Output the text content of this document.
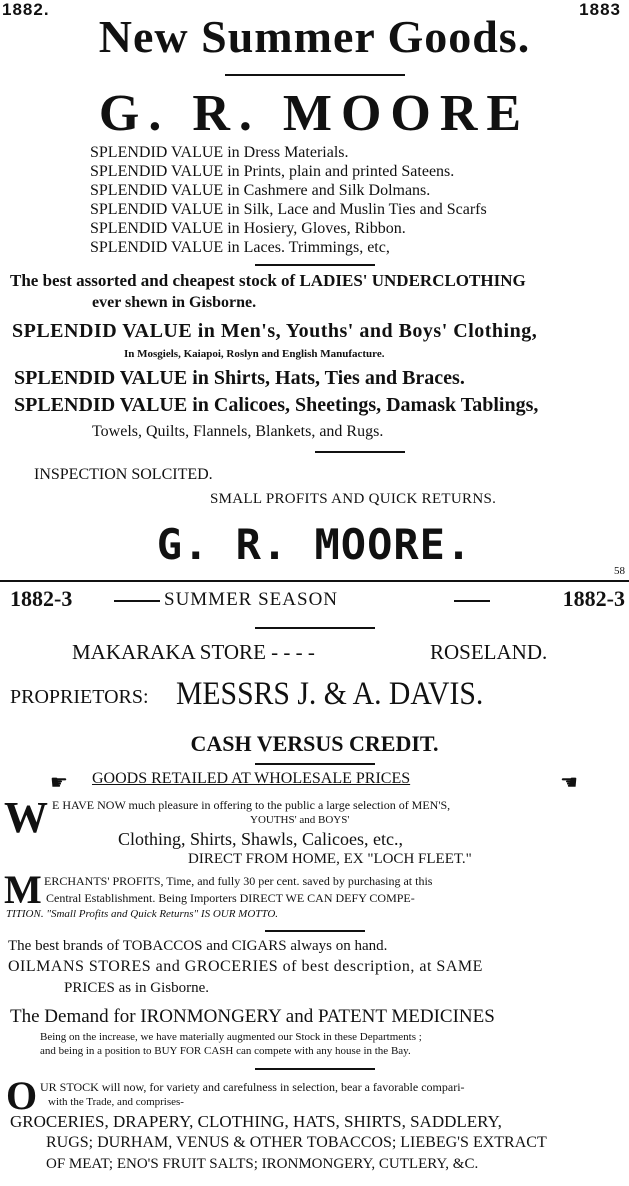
1882.	1883
New Summer Goods.
G. R. MOORE
SPLENDID VALUE in Dress Materials.
SPLENDID VALUE in Prints, plain and printed Sateens.
SPLENDID VALUE in Cashmere and Silk Dolmans.
SPLENDID VALUE in Silk, Lace and Muslin Ties and Scarfs
SPLENDID VALUE in Hosiery, Gloves, Ribbon.
SPLENDID VALUE in Laces. Trimmings, etc,
The best assorted and cheapest stock of LADIES' UNDERCLOTHING
ever shewn in Gisborne.
SPLENDID VALUE in Men's, Youths' and Boys' Clothing,
In Mosgiels, Kaiapoi, Roslyn and English Manufacture.
SPLENDID VALUE in Shirts, Hats, Ties and Braces.
SPLENDID VALUE in Calicoes, Sheetings, Damask Tablings,
Towels, Quilts, Flannels, Blankets, and Rugs.
INSPECTION SOLCITED.
SMALL PROFITS AND QUICK RETURNS.
G. R. MOORE.
58
1882-3	SUMMER SEASON	1882-3
MAKARAKA STORE - - - -	ROSELAND.
PROPRIETORS: MESSRS J. & A. DAVIS.
CASH VERSUS CREDIT.
☛ GOODS RETAILED AT WHOLESALE PRICES	☛
W E HAVE NOW much pleasure in offering to the public a large selection of MEN'S,
YOUTHS' and BOYS'
Clothing, Shirts, Shawls, Calicoes, etc.,
DIRECT FROM HOME, EX "LOCH FLEET."
M ERCHANTS' PROFITS, Time, and fully 30 per cent. saved by purchasing at this
Central Establishment. Being Importers DIRECT WE CAN DEFY COMPE-
TITION. "Small Profits and Quick Returns" IS OUR MOTTO.
The best brands of TOBACCOS and CIGARS always on hand.
OILMANS STORES and GROCERIES of best description, at SAME
PRICES as in Gisborne.
The Demand for IRONMONGERY and PATENT MEDICINES
Being on the increase, we have materially augmented our Stock in these Departments ;
and being in a position to BUY FOR CASH can compete with any house in the Bay.
O UR STOCK will now, for variety and carefulness in selection, bear a favorable compari-
with the Trade, and comprises-
GROCERIES, DRAPERY, CLOTHING, HATS, SHIRTS, SADDLERY,
RUGS; DURHAM, VENUS & OTHER TOBACCOS; LIEBEG'S EXTRACT
OF MEAT; ENO'S FRUIT SALTS; IRONMONGERY, CUTLERY, &C.
